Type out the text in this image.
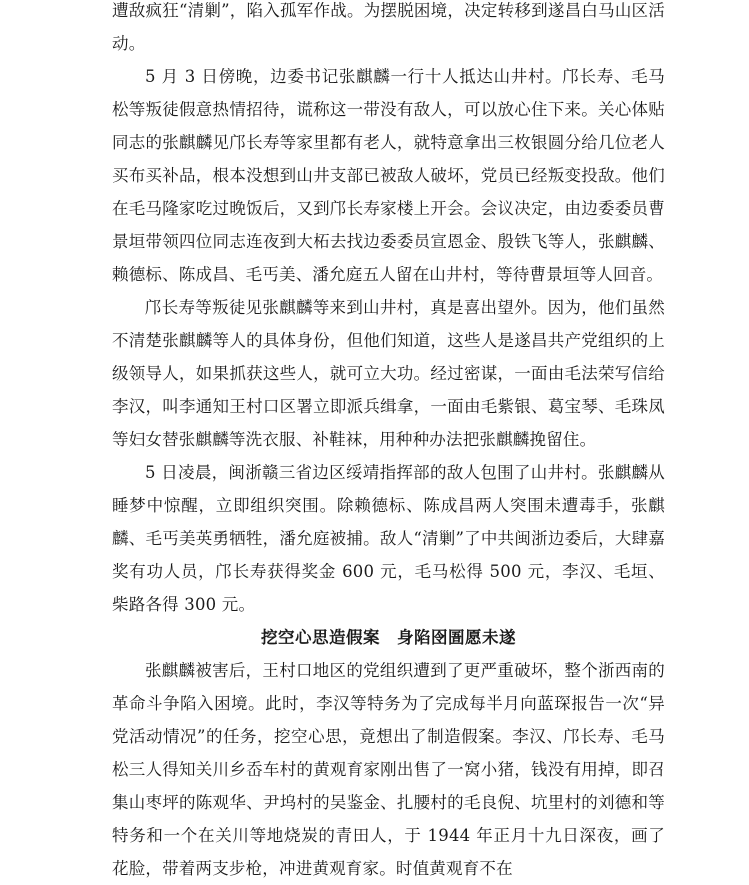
遭敌疯狂“清剿”，陷入孤军作战。为摆脱困境，决定转移到遂昌白马山区活动。

5 月 3 日傍晚，边委书记张麒麟一行十人抵达山井村。邝长寿、毛马松等叛徒假意热情招待，谎称这一带没有敌人，可以放心住下来。关心体贴同志的张麒麟见邝长寿等家里都有老人，就特意拿出三枚银圆分给几位老人买布买补品，根本没想到山井支部已被敌人破坏，党员已经叛变投敌。他们在毛马隆家吃过晚饭后，又到邝长寿家楼上开会。会议决定，由边委委员曹景垣带领四位同志连夜到大柘去找边委委员宣恩金、殷铁飞等人，张麒麟、赖德标、陈成昌、毛丐美、潘允庭五人留在山井村，等待曹景垣等人回音。

邝长寿等叛徒见张麒麟等来到山井村，真是喜出望外。因为，他们虽然不清楚张麒麟等人的具体身份，但他们知道，这些人是遂昌共产党组织的上级领导人，如果抓获这些人，就可立大功。经过密谋，一面由毛法荣写信给李汉，叫李通知王村口区署立即派兵缉拿，一面由毛紫银、葛宝琴、毛珠凤等妇女替张麒麟等洗衣服、补鞋袜，用种种办法把张麒麟挽留住。

5 日凌晨，闽浙赣三省边区绥靖指挥部的敌人包围了山井村。张麒麟从睡梦中惊醒，立即组织突围。除赖德标、陈成昌两人突围未遭毒手，张麒麟、毛丐美英勇牺牲，潘允庭被捕。敌人“清剿”了中共闽浙边委后，大肆嘉奖有功人员，邝长寿获得奖金 600 元，毛马松得 500 元，李汉、毛垣、柴路各得 300 元。

挖空心思造假案　身陷囹圄愿未遂

张麒麟被害后，王村口地区的党组织遭到了更严重破坏，整个浙西南的革命斗争陷入困境。此时，李汉等特务为了完成每半月向蓝琛报告一次“异党活动情况”的任务，挖空心思，竟想出了制造假案。李汉、邝长寿、毛马松三人得知关川乡岙车村的黄观育家刚出售了一窝小猪，钱没有用掉，即召集山枣坪的陈观华、尹坞村的吴鉴金、扎腰村的毛良倪、坑里村的刘德和等特务和一个在关川等地烧炭的青田人，于 1944 年正月十九日深夜，画了花脸，带着两支步枪，冲进黄观育家。时值黄观育不在
